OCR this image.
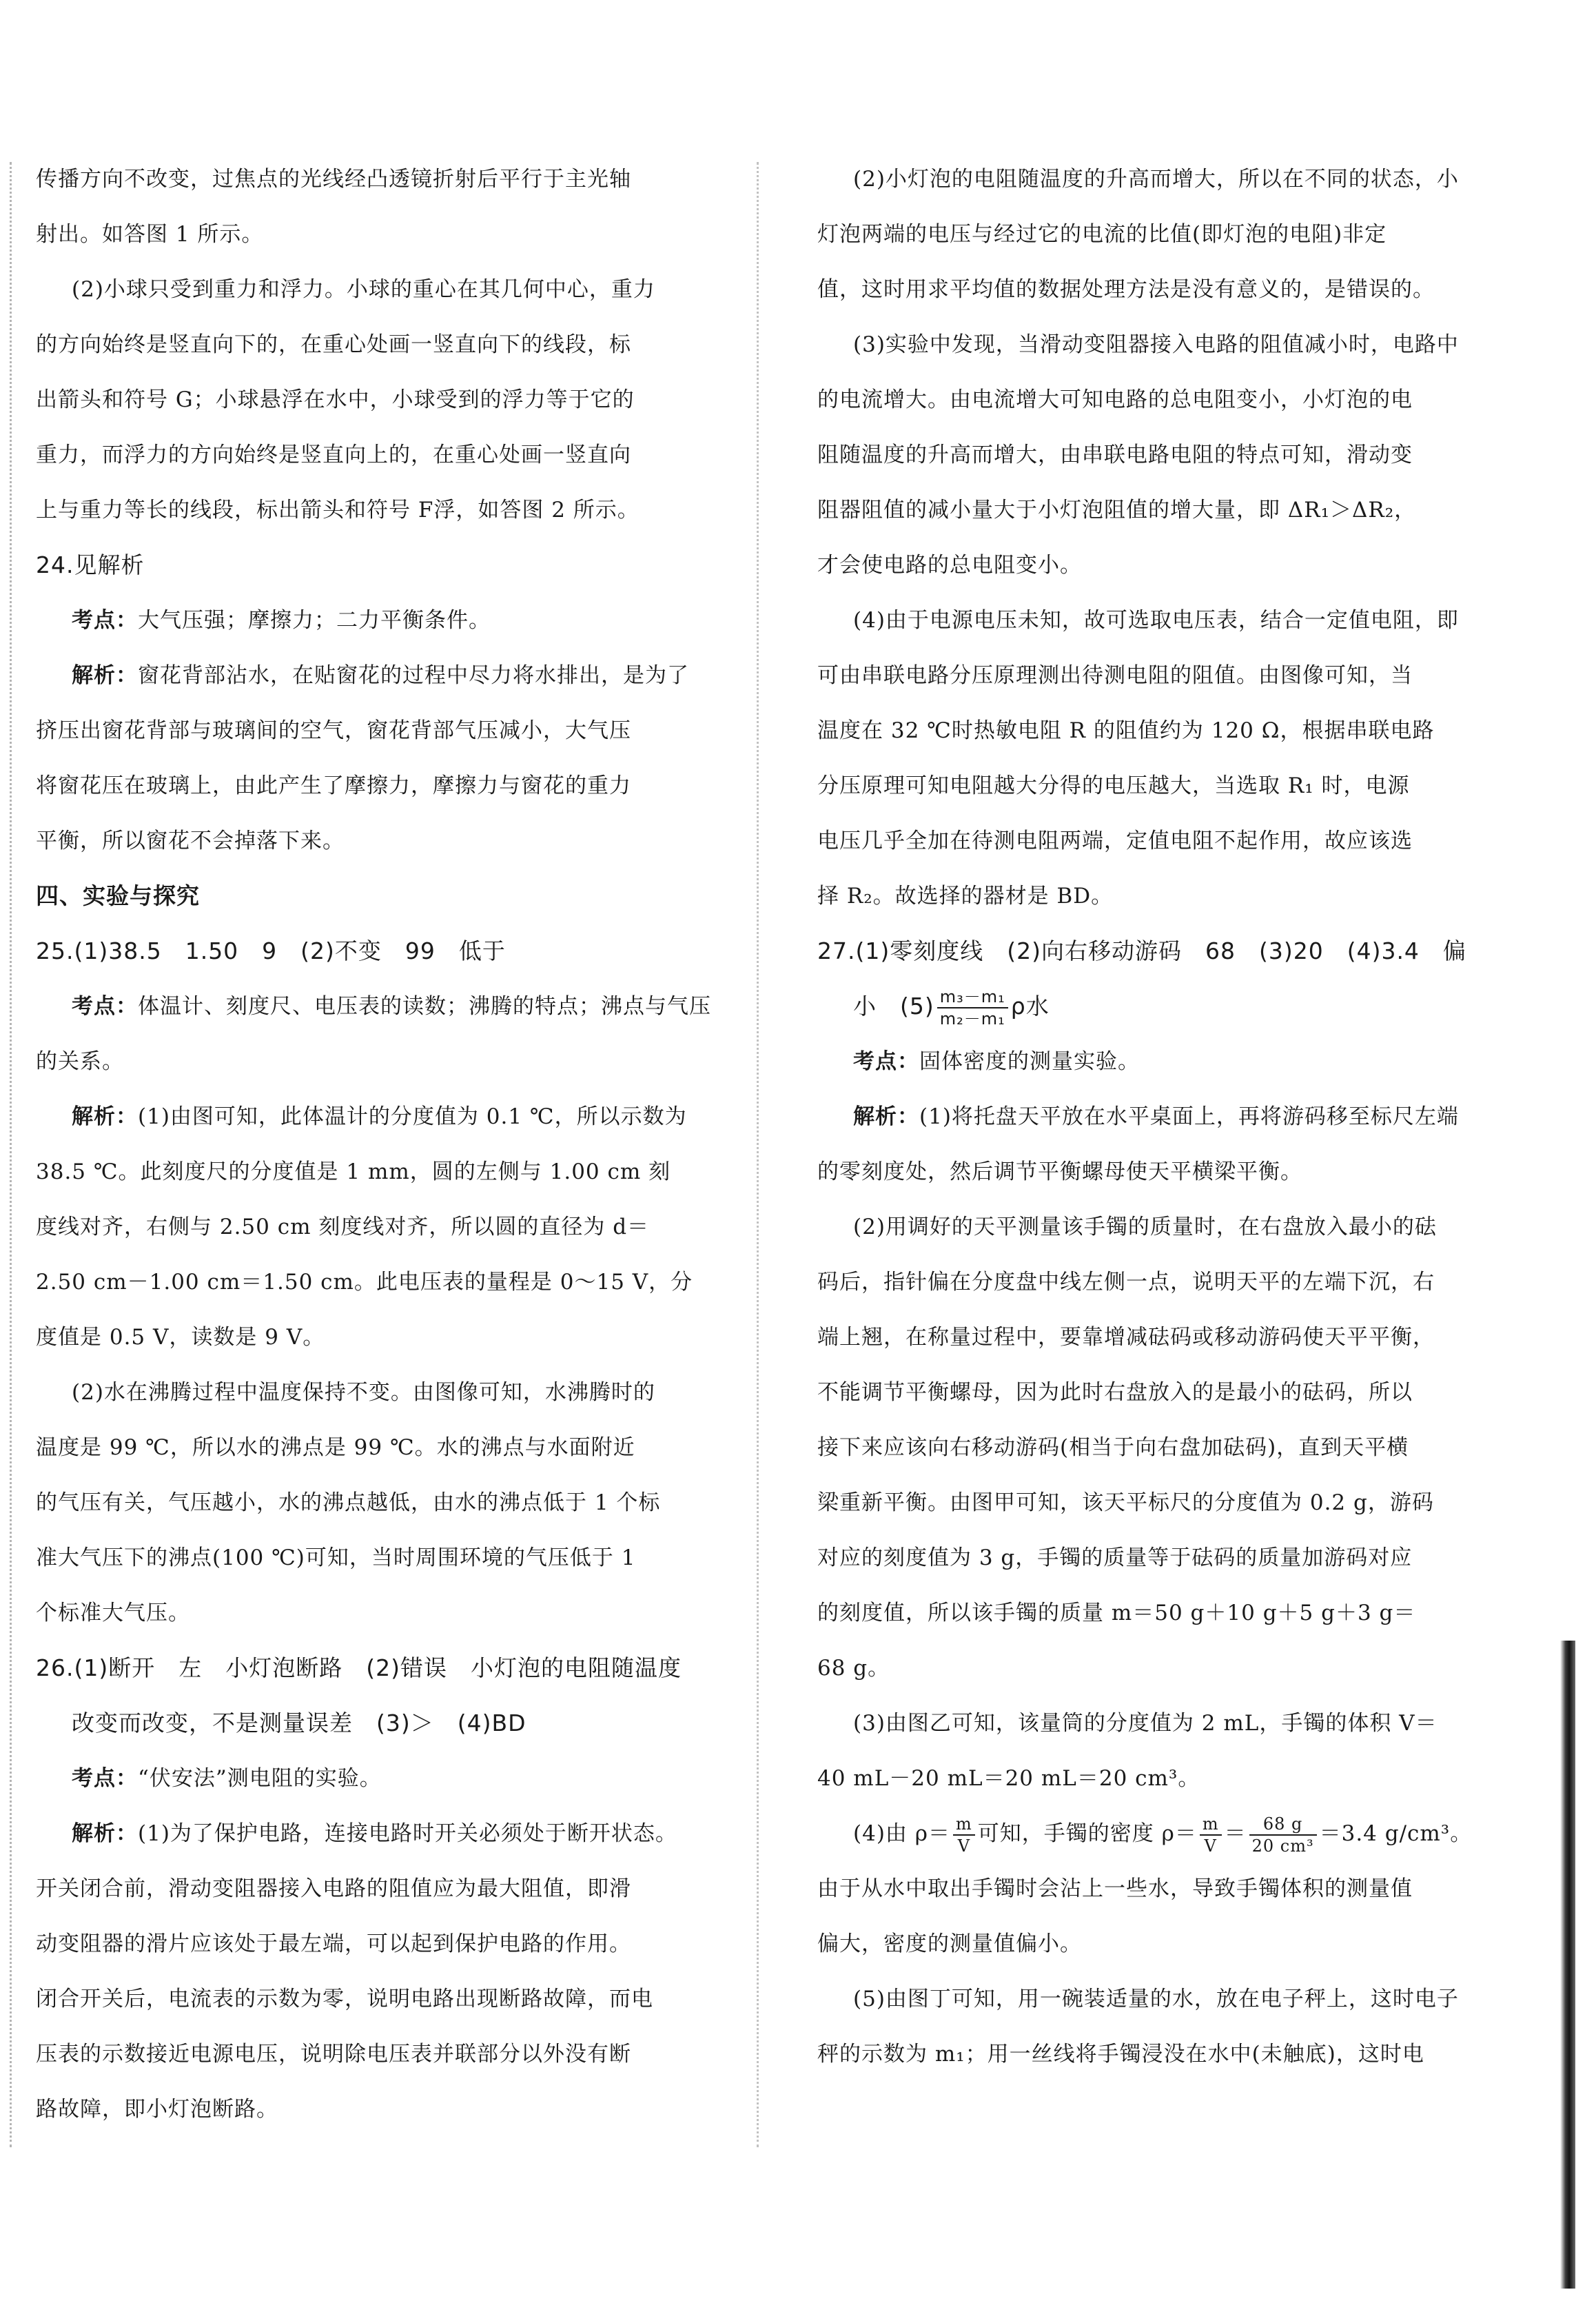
传播方向不改变，过焦点的光线经凸透镜折射后平行于主光轴

射出。如答图 1 所示。

(2)小球只受到重力和浮力。小球的重心在其几何中心，重力

的方向始终是竖直向下的，在重心处画一竖直向下的线段，标

出箭头和符号 G；小球悬浮在水中，小球受到的浮力等于它的

重力，而浮力的方向始终是竖直向上的，在重心处画一竖直向

上与重力等长的线段，标出箭头和符号 F浮，如答图 2 所示。

24.见解析

考点：大气压强；摩擦力；二力平衡条件。

解析：窗花背部沾水，在贴窗花的过程中尽力将水排出，是为了

挤压出窗花背部与玻璃间的空气，窗花背部气压减小，大气压

将窗花压在玻璃上，由此产生了摩擦力，摩擦力与窗花的重力

平衡，所以窗花不会掉落下来。

四、实验与探究

25.(1)38.5　1.50　9　(2)不变　99　低于

考点：体温计、刻度尺、电压表的读数；沸腾的特点；沸点与气压

的关系。

解析：(1)由图可知，此体温计的分度值为 0.1 ℃，所以示数为

38.5 ℃。此刻度尺的分度值是 1 mm，圆的左侧与 1.00 cm 刻

度线对齐，右侧与 2.50 cm 刻度线对齐，所以圆的直径为 d＝

2.50 cm－1.00 cm＝1.50 cm。此电压表的量程是 0～15 V，分

度值是 0.5 V，读数是 9 V。

(2)水在沸腾过程中温度保持不变。由图像可知，水沸腾时的

温度是 99 ℃，所以水的沸点是 99 ℃。水的沸点与水面附近

的气压有关，气压越小，水的沸点越低，由水的沸点低于 1 个标

准大气压下的沸点(100 ℃)可知，当时周围环境的气压低于 1

个标准大气压。

26.(1)断开　左　小灯泡断路　(2)错误　小灯泡的电阻随温度

改变而改变，不是测量误差　(3)＞　(4)BD

考点：“伏安法”测电阻的实验。

解析：(1)为了保护电路，连接电路时开关必须处于断开状态。

开关闭合前，滑动变阻器接入电路的阻值应为最大阻值，即滑

动变阻器的滑片应该处于最左端，可以起到保护电路的作用。

闭合开关后，电流表的示数为零，说明电路出现断路故障，而电

压表的示数接近电源电压，说明除电压表并联部分以外没有断

路故障，即小灯泡断路。

(2)小灯泡的电阻随温度的升高而增大，所以在不同的状态，小

灯泡两端的电压与经过它的电流的比值(即灯泡的电阻)非定

值，这时用求平均值的数据处理方法是没有意义的，是错误的。

(3)实验中发现，当滑动变阻器接入电路的阻值减小时，电路中

的电流增大。由电流增大可知电路的总电阻变小，小灯泡的电

阻随温度的升高而增大，由串联电路电阻的特点可知，滑动变

阻器阻值的减小量大于小灯泡阻值的增大量，即 ΔR₁＞ΔR₂，

才会使电路的总电阻变小。

(4)由于电源电压未知，故可选取电压表，结合一定值电阻，即

可由串联电路分压原理测出待测电阻的阻值。由图像可知，当

温度在 32 ℃时热敏电阻 R 的阻值约为 120 Ω，根据串联电路

分压原理可知电阻越大分得的电压越大，当选取 R₁ 时，电源

电压几乎全加在待测电阻两端，定值电阻不起作用，故应该选

择 R₂。故选择的器材是 BD。

27.(1)零刻度线　(2)向右移动游码　68　(3)20　(4)3.4　偏

小　$(5) \frac{\text{m₃－m₁}}{\text{m₂－m₁}}$ ρ水

考点：固体密度的测量实验。

解析：(1)将托盘天平放在水平桌面上，再将游码移至标尺左端

的零刻度处，然后调节平衡螺母使天平横梁平衡。

(2)用调好的天平测量该手镯的质量时，在右盘放入最小的砝

码后，指针偏在分度盘中线左侧一点，说明天平的左端下沉，右

端上翘，在称量过程中，要靠增减砝码或移动游码使天平平衡，

不能调节平衡螺母，因为此时右盘放入的是最小的砝码，所以

接下来应该向右移动游码(相当于向右盘加砝码)，直到天平横

梁重新平衡。由图甲可知，该天平标尺的分度值为 0.2 g，游码

对应的刻度值为 3 g，手镯的质量等于砝码的质量加游码对应

的刻度值，所以该手镯的质量 m＝50 g＋10 g＋5 g＋3 g＝

68 g。

(3)由图乙可知，该量筒的分度值为 2 mL，手镯的体积 V＝

40 mL－20 mL＝20 mL＝20 cm³。

(4)由 $\rho= \frac{m}{V}$ 可知，手镯的密度 $\rho= \frac{m}{V} = \frac{68 g}{\text{20 cm³}} =3.4$ g/cm³。

由于从水中取出手镯时会沾上一些水，导致手镯体积的测量值

偏大，密度的测量值偏小。

(5)由图丁可知，用一碗装适量的水，放在电子秤上，这时电子

秤的示数为 m₁；用一丝线将手镯浸没在水中(未触底)，这时电
